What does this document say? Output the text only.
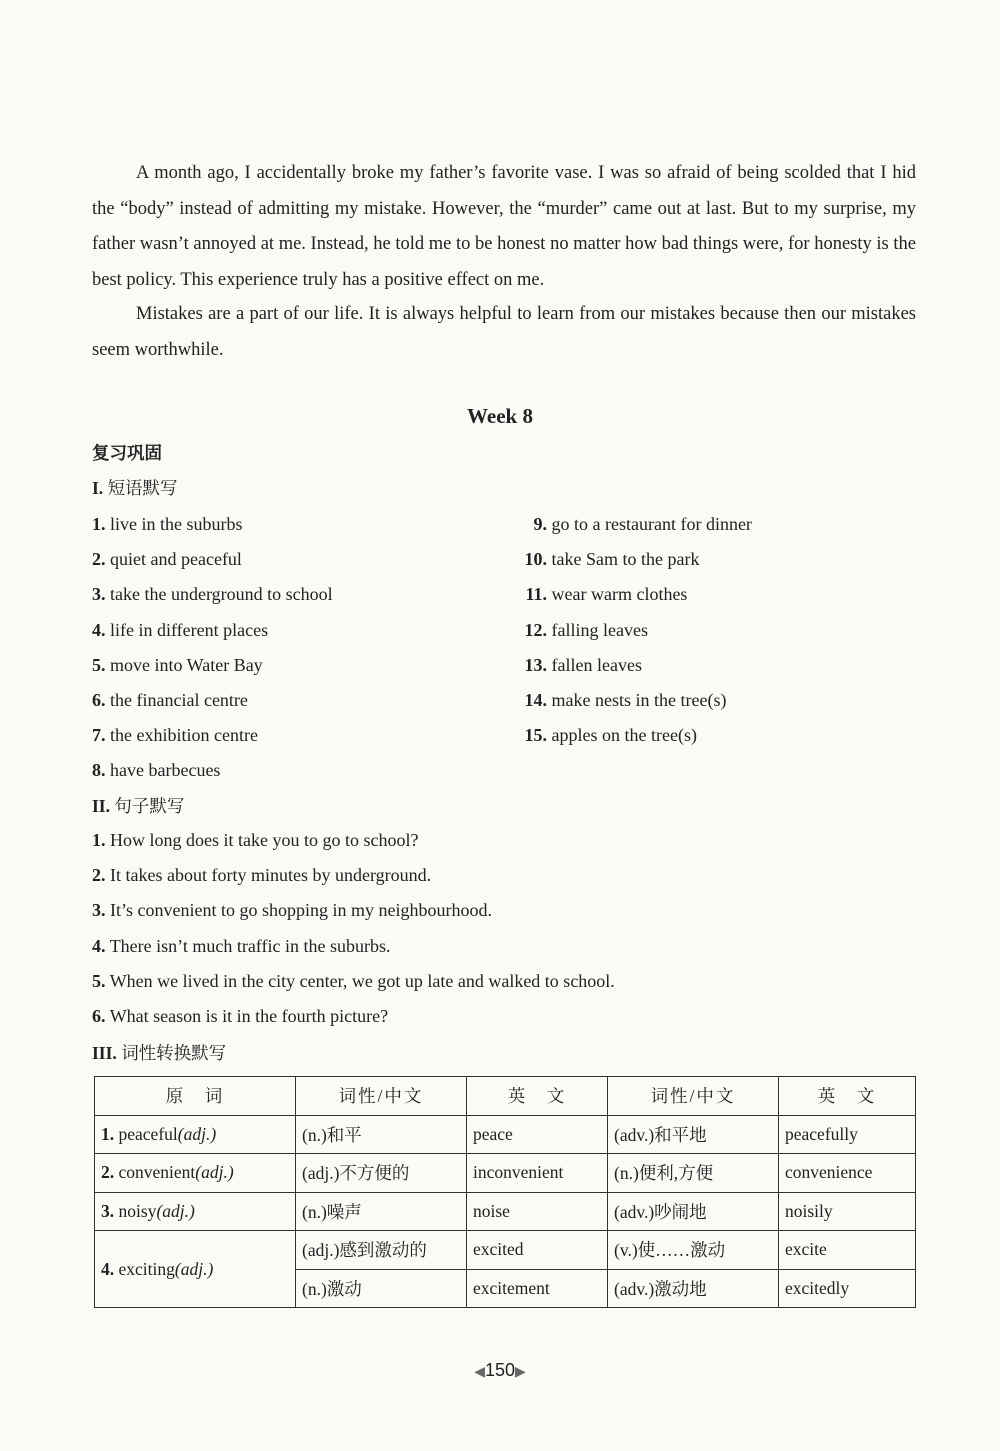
A month ago, I accidentally broke my father’s favorite vase. I was so afraid of being scolded that I hid the “body” instead of admitting my mistake. However, the “murder” came out at last. But to my surprise, my father wasn’t annoyed at me. Instead, he told me to be honest no matter how bad things were, for honesty is the best policy. This experience truly has a positive effect on me.

Mistakes are a part of our life. It is always helpful to learn from our mistakes because then our mistakes seem worthwhile.

Week 8
复习巩固
I. 短语默写
1. live in the suburbs
2. quiet and peaceful
3. take the underground to school
4. life in different places
5. move into Water Bay
6. the financial centre
7. the exhibition centre
8. have barbecues
9. go to a restaurant for dinner
10. take Sam to the park
11. wear warm clothes
12. falling leaves
13. fallen leaves
14. make nests in the tree(s)
15. apples on the tree(s)
II. 句子默写
1. How long does it take you to go to school?
2. It takes about forty minutes by underground.
3. It’s convenient to go shopping in my neighbourhood.
4. There isn’t much traffic in the suburbs.
5. When we lived in the city center, we got up late and walked to school.
6. What season is it in the fourth picture?
III. 词性转换默写
原　词	词性/中文	英　文	词性/中文	英　文
1. peaceful(adj.)	(n.)和平	peace	(adv.)和平地	peacefully
2. convenient(adj.)	(adj.)不方便的	inconvenient	(n.)便利,方便	convenience
3. noisy(adj.)	(n.)噪声	noise	(adv.)吵闹地	noisily
4. exciting(adj.)	(adj.)感到激动的	excited	(v.)使……激动	excite
	(n.)激动	excitement	(adv.)激动地	excitedly
◀150▶
